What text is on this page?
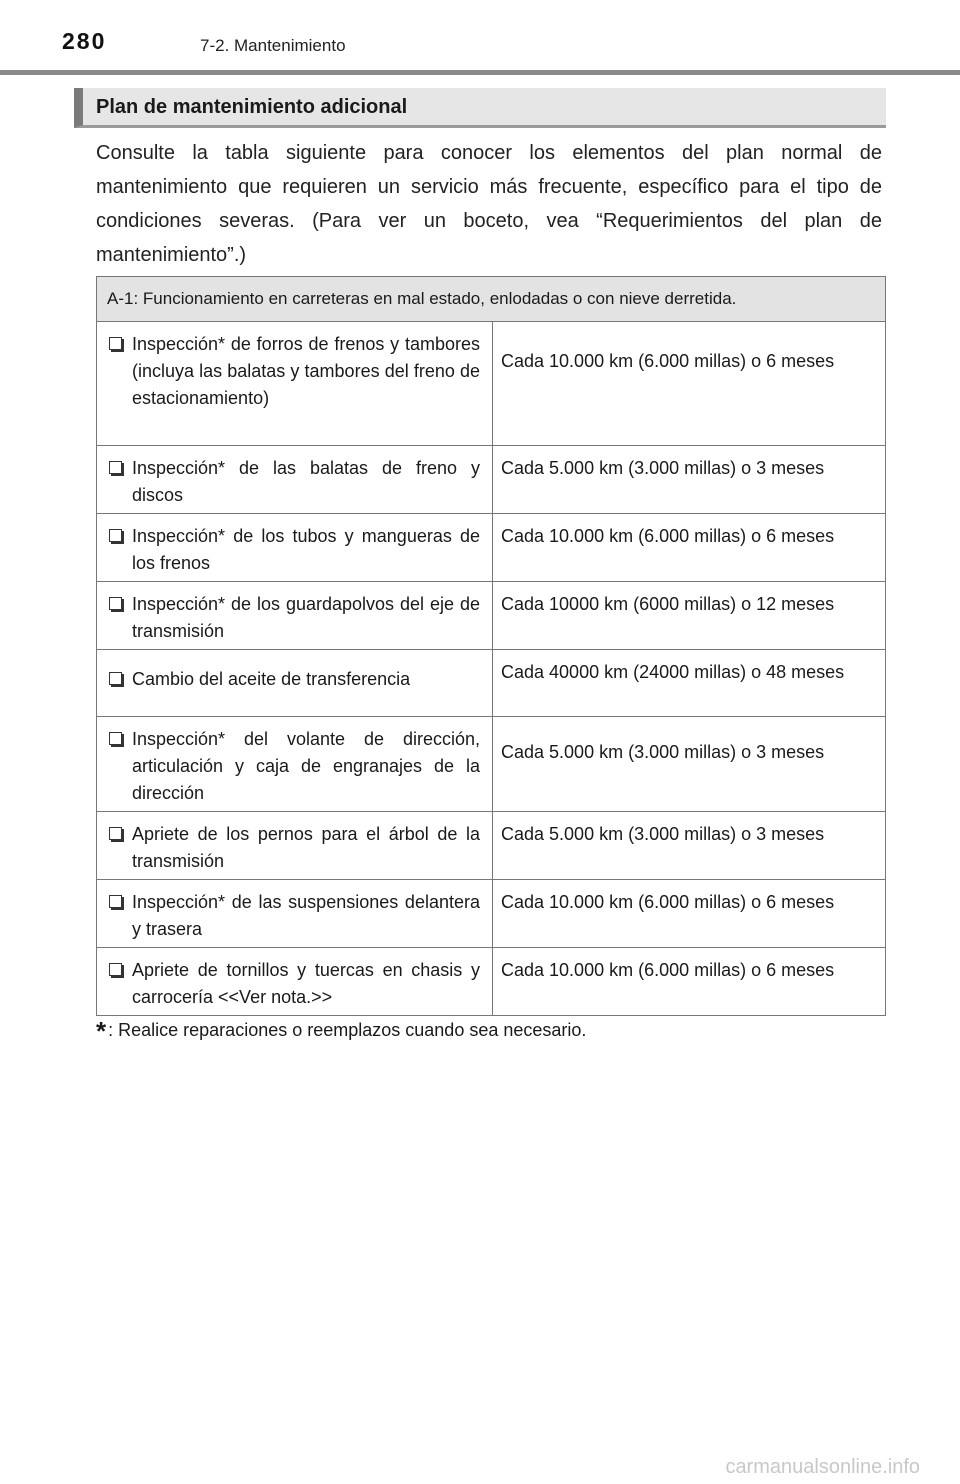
280	7-2. Mantenimiento
Plan de mantenimiento adicional
Consulte la tabla siguiente para conocer los elementos del plan normal de mantenimiento que requieren un servicio más frecuente, específico para el tipo de condiciones severas. (Para ver un boceto, vea “Requerimientos del plan de mantenimiento”.)
A-1: Funcionamiento en carreteras en mal estado, enlodadas o con nieve derretida.
Inspección* de forros de frenos y tambores (incluya las balatas y tambores del freno de estacionamiento)
Cada 10.000 km (6.000 millas) o 6 meses
Inspección* de las balatas de freno y discos
Cada 5.000 km (3.000 millas) o 3 meses
Inspección* de los tubos y mangueras de los frenos
Cada 10.000 km (6.000 millas) o 6 meses
Inspección* de los guardapolvos del eje de transmisión
Cada 10000 km (6000 millas) o 12 meses
Cambio del aceite de transferencia	Cada 40000 km (24000 millas) o 48 meses
Inspección* del volante de dirección, articulación y caja de engranajes de la dirección
Cada 5.000 km (3.000 millas) o 3 meses
Apriete de los pernos para el árbol de la transmisión
Cada 5.000 km (3.000 millas) o 3 meses
Inspección* de las suspensiones delantera y trasera
Cada 10.000 km (6.000 millas) o 6 meses
Apriete de tornillos y tuercas en chasis y carrocería <<Ver nota.>>
Cada 10.000 km (6.000 millas) o 6 meses
* : Realice reparaciones o reemplazos cuando sea necesario.
carmanualsonline.info
